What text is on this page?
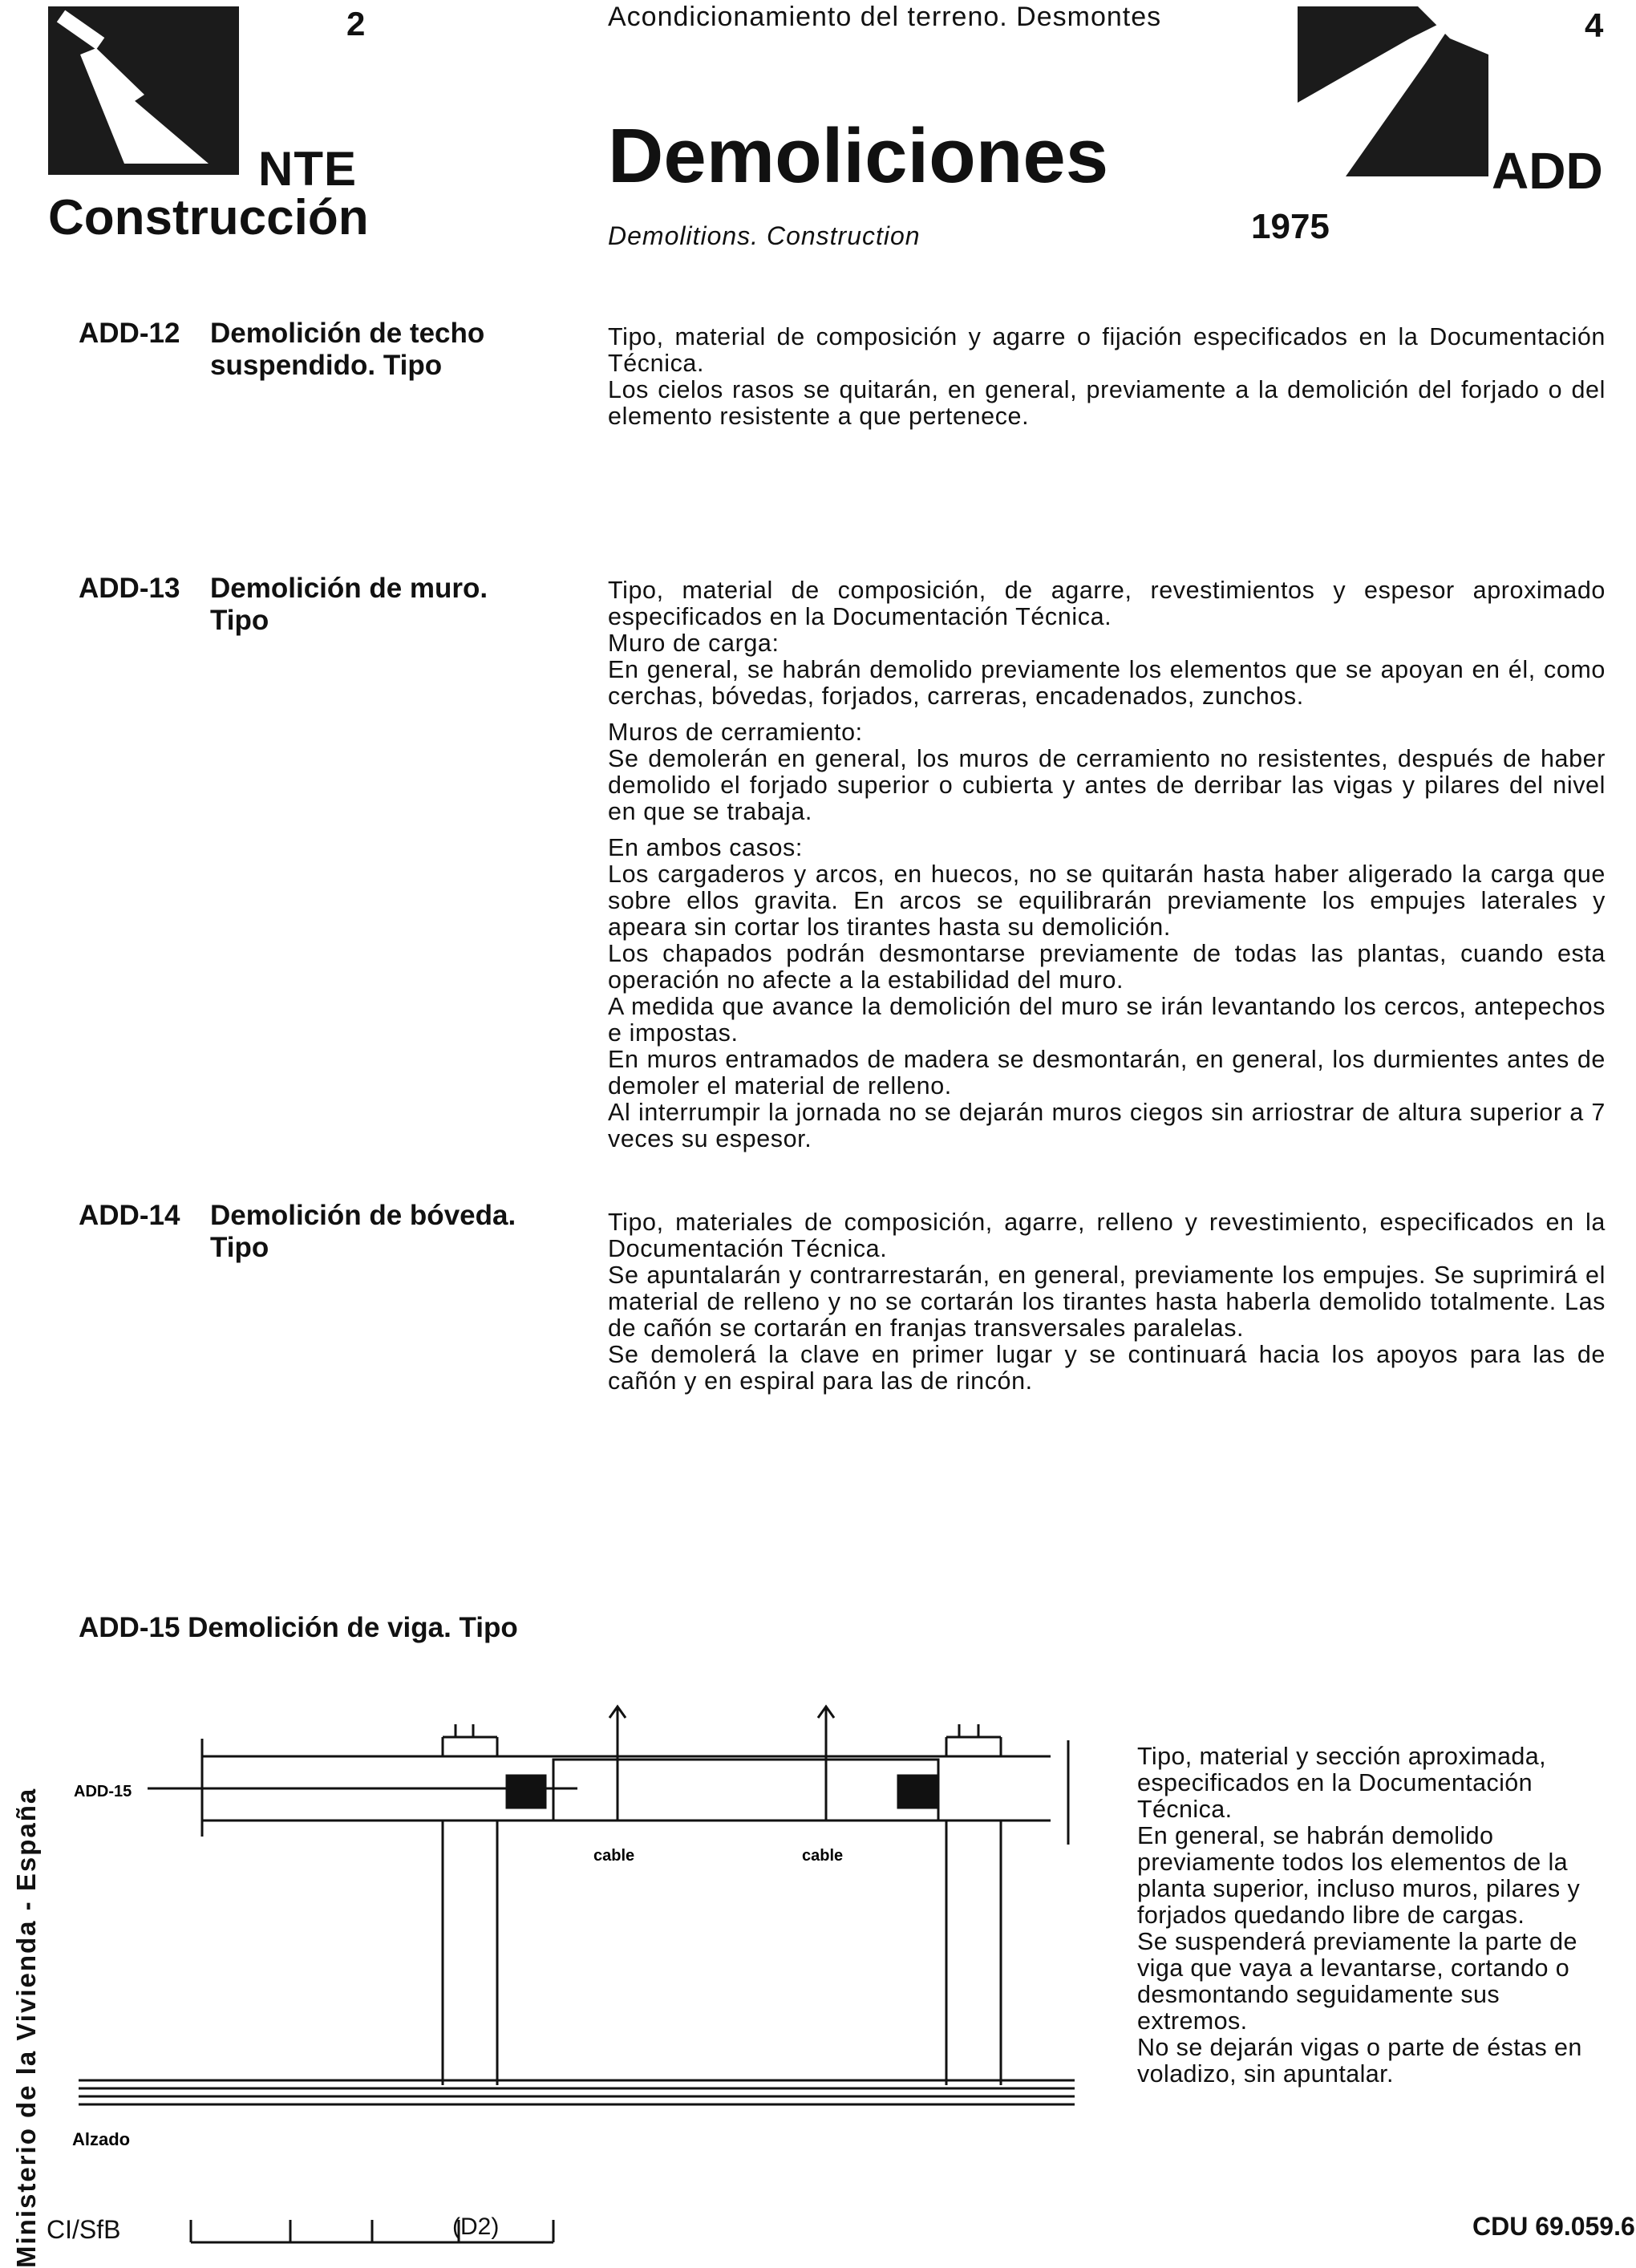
2
NTE
Construcción
Acondicionamiento del terreno. Desmontes
Demoliciones
Demolitions. Construction
4
ADD
1975
ADD-12	Demolición de techo suspendido. Tipo

Tipo, material de composición y agarre o fijación especificados en la Documentación Técnica.
Los cielos rasos se quitarán, en general, previamente a la demolición del forjado o del elemento resistente a que pertenece.

ADD-13	Demolición de muro. Tipo

Tipo, material de composición, de agarre, revestimientos y espesor aproximado especificados en la Documentación Técnica.
Muro de carga:
En general, se habrán demolido previamente los elementos que se apoyan en él, como cerchas, bóvedas, forjados, carreras, encadenados, zunchos.

Muros de cerramiento:
Se demolerán en general, los muros de cerramiento no resistentes, después de haber demolido el forjado superior o cubierta y antes de derribar las vigas y pilares del nivel en que se trabaja.

En ambos casos:
Los cargaderos y arcos, en huecos, no se quitarán hasta haber aligerado la carga que sobre ellos gravita. En arcos se equilibrarán previamente los empujes laterales y apeara sin cortar los tirantes hasta su demolición.
Los chapados podrán desmontarse previamente de todas las plantas, cuando esta operación no afecte a la estabilidad del muro.
A medida que avance la demolición del muro se irán levantando los cercos, antepechos e impostas.
En muros entramados de madera se desmontarán, en general, los durmientes antes de demoler el material de relleno.
Al interrumpir la jornada no se dejarán muros ciegos sin arriostrar de altura superior a 7 veces su espesor.

ADD-14	Demolición de bóveda. Tipo

Tipo, materiales de composición, agarre, relleno y revestimiento, especificados en la Documentación Técnica.
Se apuntalarán y contrarrestarán, en general, previamente los empujes. Se suprimirá el material de relleno y no se cortarán los tirantes hasta haberla demolido totalmente. Las de cañón se cortarán en franjas transversales paralelas.
Se demolerá la clave en primer lugar y se continuará hacia los apoyos para las de cañón y en espiral para las de rincón.

ADD-15 Demolición de viga. Tipo
ADD-15
cable	cable
Alzado
Tipo, material y sección aproximada, especificados en la Documentación Técnica.
En general, se habrán demolido previamente todos los elementos de la planta superior, incluso muros, pilares y forjados quedando libre de cargas.
Se suspenderá previamente la parte de viga que vaya a levantarse, cortando o desmontando seguidamente sus extremos.
No se dejarán vigas o parte de éstas en voladizo, sin apuntalar.
Ministerio de la Vivienda - España CI/SfB	(D2)	CDU 69.059.6
